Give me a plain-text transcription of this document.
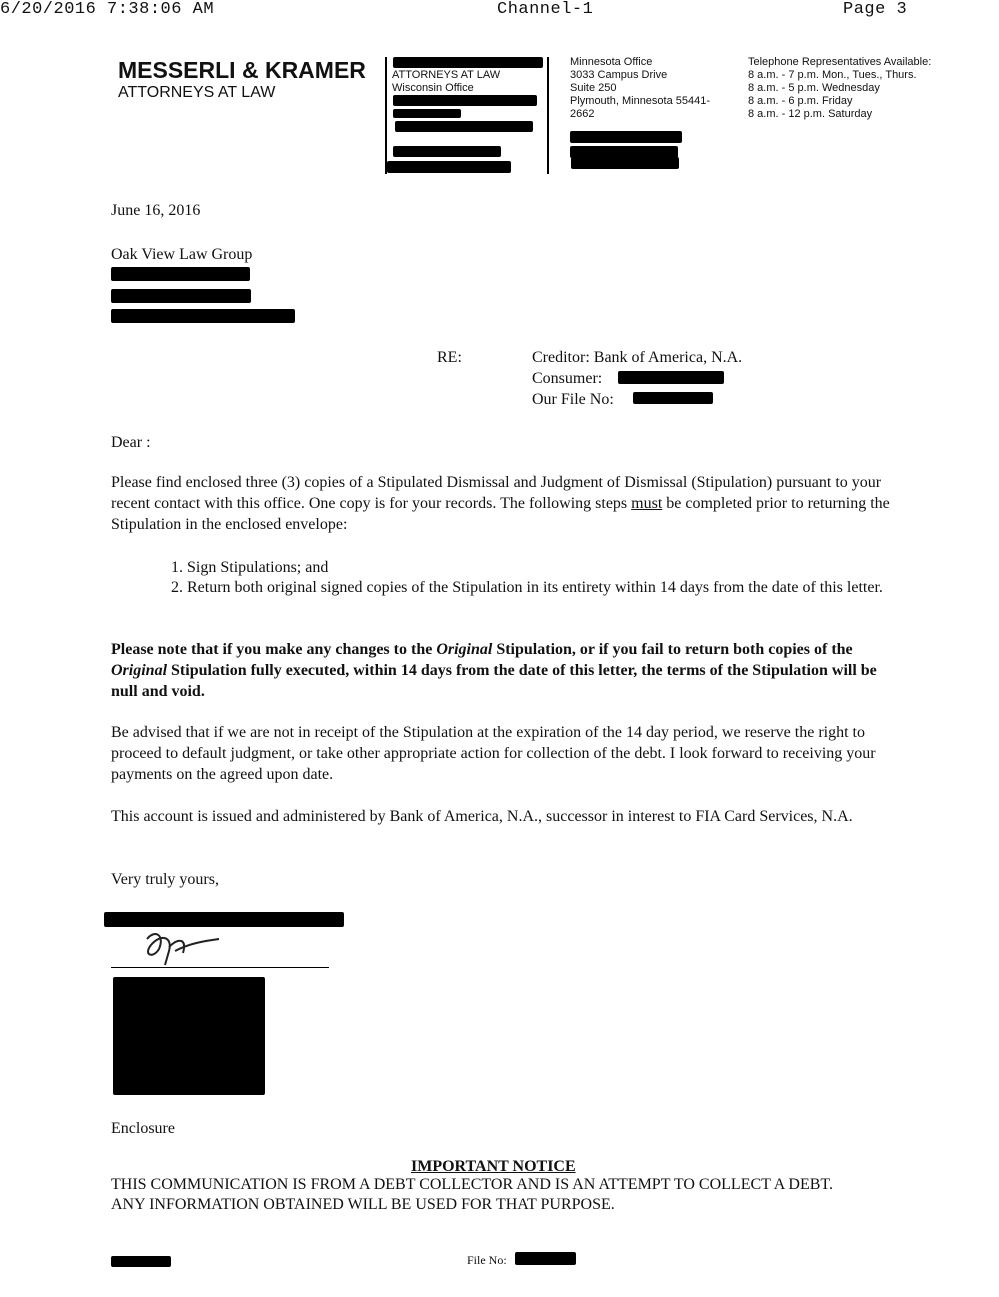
6/20/2016 7:38:06 AM	Channel-1	Page 3
MESSERLI & KRAMER
ATTORNEYS AT LAW
ATTORNEYS AT LAW
Wisconsin Office
Minnesota Office
3033 Campus Drive
Suite 250
Plymouth, Minnesota 55441-
2662
Telephone Representatives Available:
8 a.m. - 7 p.m. Mon., Tues., Thurs.
8 a.m. - 5 p.m. Wednesday
8 a.m. - 6 p.m. Friday
8 a.m. - 12 p.m. Saturday
June 16, 2016
Oak View Law Group
RE:	Creditor: Bank of America, N.A.
Consumer:
Our File No:
Dear :

Please find enclosed three (3) copies of a Stipulated Dismissal and Judgment of Dismissal (Stipulation) pursuant to your recent contact with this office. One copy is for your records. The following steps must be completed prior to returning the Stipulation in the enclosed envelope:

1. Sign Stipulations; and
2. Return both original signed copies of the Stipulation in its entirety within 14 days from the date of this letter.

Please note that if you make any changes to the Original Stipulation, or if you fail to return both copies of the Original Stipulation fully executed, within 14 days from the date of this letter, the terms of the Stipulation will be null and void.

Be advised that if we are not in receipt of the Stipulation at the expiration of the 14 day period, we reserve the right to proceed to default judgment, or take other appropriate action for collection of the debt. I look forward to receiving your payments on the agreed upon date.

This account is issued and administered by Bank of America, N.A., successor in interest to FIA Card Services, N.A.

Very truly yours,
Enclosure
IMPORTANT NOTICE
THIS COMMUNICATION IS FROM A DEBT COLLECTOR AND IS AN ATTEMPT TO COLLECT A DEBT.
ANY INFORMATION OBTAINED WILL BE USED FOR THAT PURPOSE.
File No:
